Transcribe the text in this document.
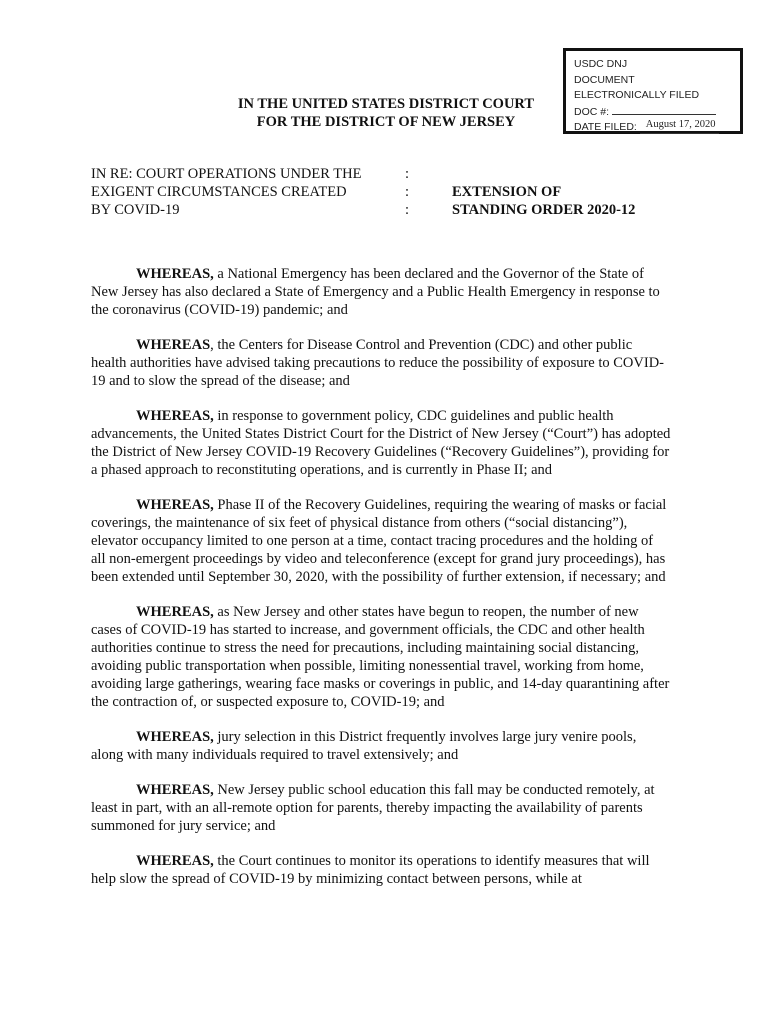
USDC DNJ
DOCUMENT
ELECTRONICALLY FILED
DOC #:
DATE FILED: August 17, 2020
IN THE UNITED STATES DISTRICT COURT
FOR THE DISTRICT OF NEW JERSEY
IN RE: COURT OPERATIONS UNDER THE
EXIGENT CIRCUMSTANCES CREATED
BY COVID-19
:
:
:
EXTENSION OF
STANDING ORDER 2020-12

WHEREAS, a National Emergency has been declared and the Governor of the State of New Jersey has also declared a State of Emergency and a Public Health Emergency in response to the coronavirus (COVID-19) pandemic; and

WHEREAS, the Centers for Disease Control and Prevention (CDC) and other public health authorities have advised taking precautions to reduce the possibility of exposure to COVID-19 and to slow the spread of the disease; and

WHEREAS, in response to government policy, CDC guidelines and public health advancements, the United States District Court for the District of New Jersey (“Court”) has adopted the District of New Jersey COVID-19 Recovery Guidelines (“Recovery Guidelines”), providing for a phased approach to reconstituting operations, and is currently in Phase II; and

WHEREAS, Phase II of the Recovery Guidelines, requiring the wearing of masks or facial coverings, the maintenance of six feet of physical distance from others (“social distancing”), elevator occupancy limited to one person at a time, contact tracing procedures and the holding of all non-emergent proceedings by video and teleconference (except for grand jury proceedings), has been extended until September 30, 2020, with the possibility of further extension, if necessary; and

WHEREAS, as New Jersey and other states have begun to reopen, the number of new cases of COVID-19 has started to increase, and government officials, the CDC and other health authorities continue to stress the need for precautions, including maintaining social distancing, avoiding public transportation when possible, limiting nonessential travel, working from home, avoiding large gatherings, wearing face masks or coverings in public, and 14-day quarantining after the contraction of, or suspected exposure to, COVID-19; and

WHEREAS, jury selection in this District frequently involves large jury venire pools, along with many individuals required to travel extensively; and

WHEREAS, New Jersey public school education this fall may be conducted remotely, at least in part, with an all-remote option for parents, thereby impacting the availability of parents summoned for jury service; and

WHEREAS, the Court continues to monitor its operations to identify measures that will help slow the spread of COVID-19 by minimizing contact between persons, while at
